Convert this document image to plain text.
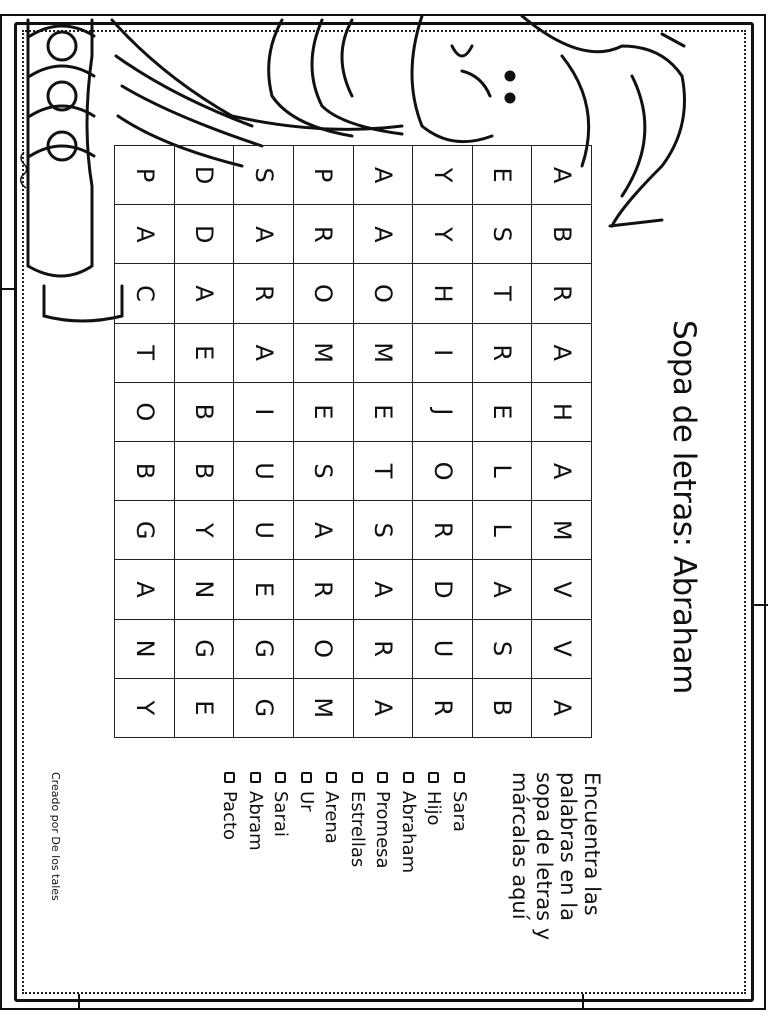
Sopa de letras: Abraham
A	B	R	A	H	A	M	V	V	A
E	S	T	R	E	L	L	A	S	B
Y	Y	H	I	J	O	R	D	U	R
A	A	O	M	E	T	S	A	R	A
P	R	O	M	E	S	A	R	O	M
S	A	R	A	I	U	U	E	G	G
D	D	A	E	B	B	Y	N	G	E
P	A	C	T	O	B	G	A	N	Y
Encuentra las palabras en la sopa de letras y márcalas aquí
Sara
Hijo
Abraham
Promesa
Estrellas
Arena
Ur
Sarai
Abram
Pacto
Creado por De los tales
